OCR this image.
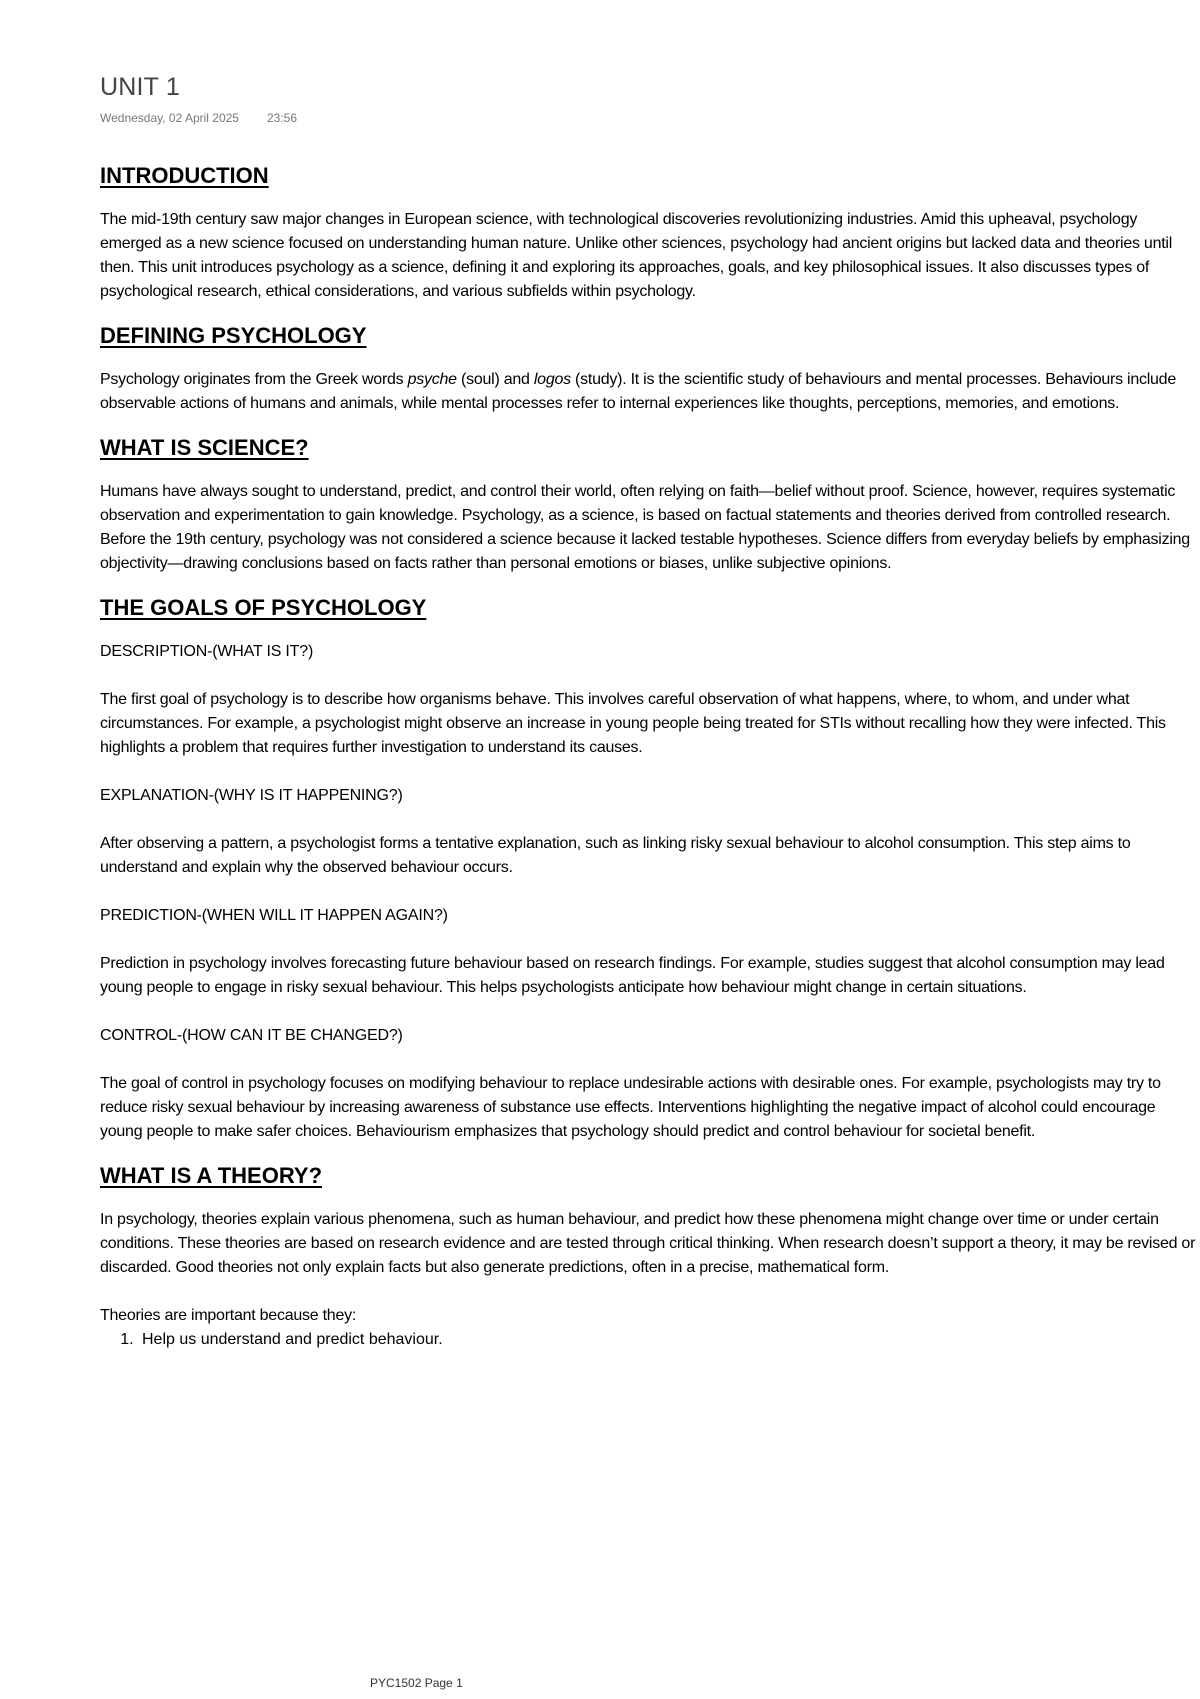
UNIT 1
Wednesday, 02 April 2025 23:56
INTRODUCTION

The mid-19th century saw major changes in European science, with technological discoveries revolutionizing industries. Amid this upheaval, psychology emerged as a new science focused on understanding human nature. Unlike other sciences, psychology had ancient origins but lacked data and theories until then. This unit introduces psychology as a science, defining it and exploring its approaches, goals, and key philosophical issues. It also discusses types of psychological research, ethical considerations, and various subfields within psychology.

DEFINING PSYCHOLOGY

Psychology originates from the Greek words psyche (soul) and logos (study). It is the scientific study of behaviours and mental processes. Behaviours include observable actions of humans and animals, while mental processes refer to internal experiences like thoughts, perceptions, memories, and emotions.

WHAT IS SCIENCE?

Humans have always sought to understand, predict, and control their world, often relying on faith—belief without proof. Science, however, requires systematic observation and experimentation to gain knowledge. Psychology, as a science, is based on factual statements and theories derived from controlled research. Before the 19th century, psychology was not considered a science because it lacked testable hypotheses. Science differs from everyday beliefs by emphasizing objectivity—drawing conclusions based on facts rather than personal emotions or biases, unlike subjective opinions.

THE GOALS OF PSYCHOLOGY

DESCRIPTION-(WHAT IS IT?)

The first goal of psychology is to describe how organisms behave. This involves careful observation of what happens, where, to whom, and under what circumstances. For example, a psychologist might observe an increase in young people being treated for STIs without recalling how they were infected. This highlights a problem that requires further investigation to understand its causes.

EXPLANATION-(WHY IS IT HAPPENING?)

After observing a pattern, a psychologist forms a tentative explanation, such as linking risky sexual behaviour to alcohol consumption. This step aims to understand and explain why the observed behaviour occurs.

PREDICTION-(WHEN WILL IT HAPPEN AGAIN?)

Prediction in psychology involves forecasting future behaviour based on research findings. For example, studies suggest that alcohol consumption may lead young people to engage in risky sexual behaviour. This helps psychologists anticipate how behaviour might change in certain situations.

CONTROL-(HOW CAN IT BE CHANGED?)

The goal of control in psychology focuses on modifying behaviour to replace undesirable actions with desirable ones. For example, psychologists may try to reduce risky sexual behaviour by increasing awareness of substance use effects. Interventions highlighting the negative impact of alcohol could encourage young people to make safer choices. Behaviourism emphasizes that psychology should predict and control behaviour for societal benefit.

WHAT IS A THEORY?

In psychology, theories explain various phenomena, such as human behaviour, and predict how these phenomena might change over time or under certain conditions. These theories are based on research evidence and are tested through critical thinking. When research doesn’t support a theory, it may be revised or discarded. Good theories not only explain facts but also generate predictions, often in a precise, mathematical form.

Theories are important because they:

1. Help us understand and predict behaviour.
PYC1502 Page 1
